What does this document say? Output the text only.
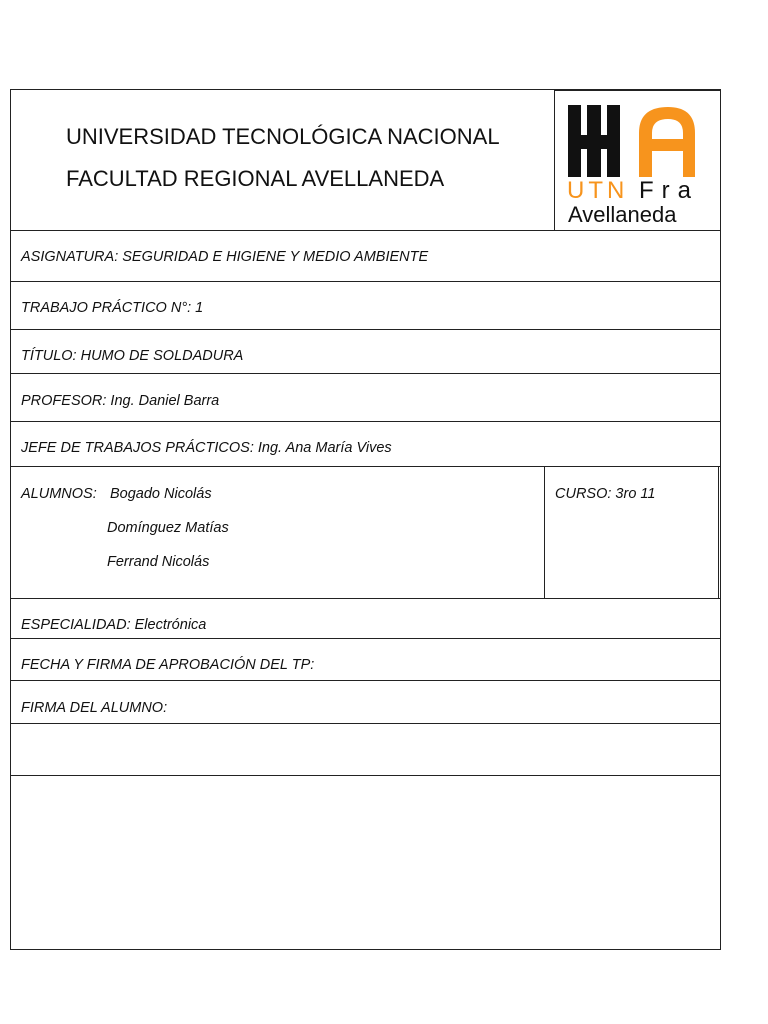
UNIVERSIDAD TECNOLÓGICA NACIONAL
FACULTAD REGIONAL AVELLANEDA	UTN Fra
Avellaneda
ASIGNATURA: SEGURIDAD E HIGIENE Y MEDIO AMBIENTE
TRABAJO PRÁCTICO N°: 1
TÍTULO: HUMO DE SOLDADURA
PROFESOR: Ing. Daniel Barra
JEFE DE TRABAJOS PRÁCTICOS: Ing. Ana María Vives
ALUMNOS: Bogado Nicolás
Domínguez Matías
Ferrand Nicolás
CURSO: 3ro 11
ESPECIALIDAD: Electrónica
FECHA Y FIRMA DE APROBACIÓN DEL TP:
FIRMA DEL ALUMNO:
